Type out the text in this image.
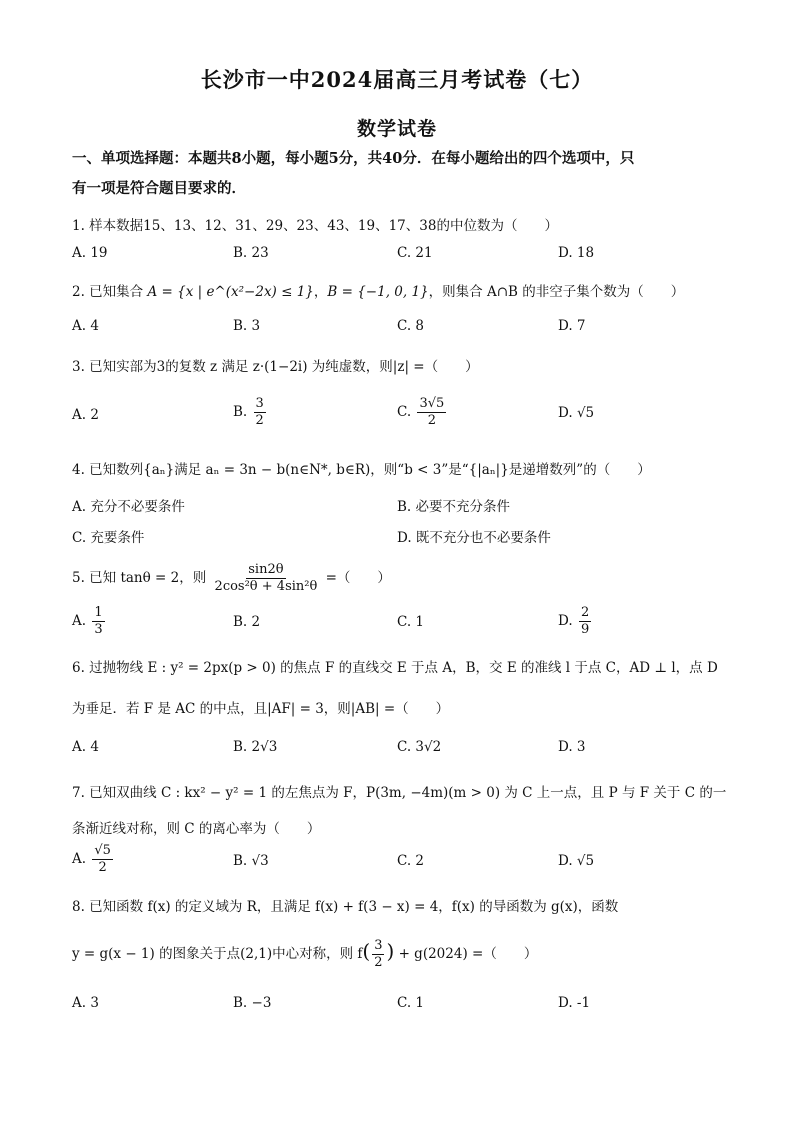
长沙市一中2024届高三月考试卷（七）
数学试卷
一、单项选择题：本题共8小题，每小题5分，共40分．在每小题给出的四个选项中，只
有一项是符合题目要求的．
1. 样本数据15、13、12、31、29、23、43、19、17、38的中位数为（　　）
A. 19	B. 23	C. 21	D. 18
2. 已知集合 A = {x | e^(x²−2x) ≤ 1}，B = {−1, 0, 1}，则集合 A∩B 的非空子集个数为（　　）
A. 4	B. 3	C. 8	D. 7
3. 已知实部为3的复数 z 满足 z·(1−2i) 为纯虚数，则|z| =（　　）
A. 2	B. $\frac{3}{2}$	C. $\frac{3√5}{2}$	D. √5
4. 已知数列{aₙ}满足 aₙ = 3n − b(n∈N*, b∈R)，则“b < 3”是“{|aₙ|}是递增数列”的（　　）
A. 充分不必要条件	B. 必要不充分条件
C. 充要条件	D. 既不充分也不必要条件
5. 已知 tanθ = 2，则 $\frac{\sin 2\theta}{\text{2cos²θ + 4sin²θ}}$ =（　　）
A. $\frac{1}{3}$	B. 2	C. 1	D. $\frac{2}{9}$
6. 过抛物线 E : y² = 2px(p > 0) 的焦点 F 的直线交 E 于点 A，B，交 E 的准线 l 于点 C，AD ⊥ l，点 D
为垂足．若 F 是 AC 的中点，且|AF| = 3，则|AB| =（　　）
A. 4	B. 2√3	C. 3√2	D. 3
7. 已知双曲线 C : kx² − y² = 1 的左焦点为 F，P(3m, −4m)(m > 0) 为 C 上一点，且 P 与 F 关于 C 的一
条渐近线对称，则 C 的离心率为（　　）
A. $\frac{√5}{2}$	B. √3	C. 2	D. √5
8. 已知函数 f(x) 的定义域为 R，且满足 f(x) + f(3 − x) = 4，f(x) 的导函数为 g(x)，函数
y = g(x − 1) 的图象关于点(2,1)中心对称，则 $f( \frac{3}{2}$ ) + g(2024) =（　　）
A. 3	B. −3	C. 1	D. -1
